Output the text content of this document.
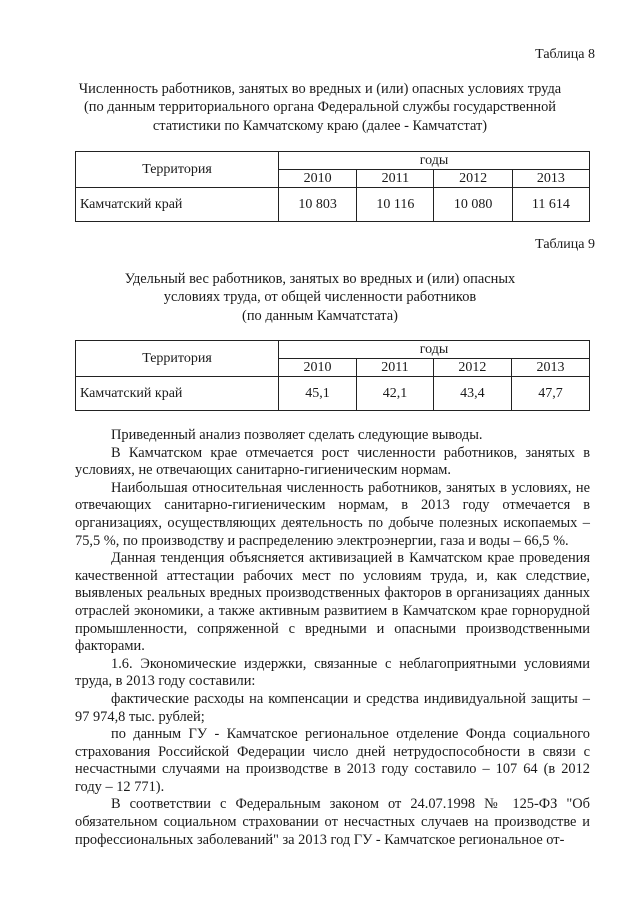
Таблица 8
Численность работников, занятых во вредных и (или) опасных условиях труда
(по данным территориального органа Федеральной службы государственной
статистики по Камчатскому краю (далее - Камчатстат)
Территория	годы			
	2010	2011	2012	2013
Камчатский край	10 803	10 116	10 080	11 614
Таблица 9
Удельный вес работников, занятых во вредных и (или) опасных
условиях труда, от общей численности работников
(по данным Камчатстата)
Территория	годы			
	2010	2011	2012	2013
Камчатский край	45,1	42,1	43,4	47,7

Приведенный анализ позволяет сделать следующие выводы.

В Камчатском крае отмечается рост численности работников, занятых в условиях, не отвечающих санитарно-гигиеническим нормам.

Наибольшая относительная численность работников, занятых в условиях, не отвечающих санитарно-гигиеническим нормам, в 2013 году отмечается в организациях, осуществляющих деятельность по добыче полезных ископаемых – 75,5 %, по производству и распределению электроэнергии, газа и воды – 66,5 %.

Данная тенденция объясняется активизацией в Камчатском крае проведения качественной аттестации рабочих мест по условиям труда, и, как следствие, выявленых реальных вредных производственных факторов в организациях данных отраслей экономики, а также активным развитием в Камчатском крае горнорудной промышленности, сопряженной с вредными и опасными производственными факторами.

1.6. Экономические издержки, связанные с неблагоприятными условиями труда, в 2013 году составили:

фактические расходы на компенсации и средства индивидуальной защиты – 97 974,8 тыс. рублей;

по данным ГУ - Камчатское региональное отделение Фонда социального страхования Российской Федерации число дней нетрудоспособности в связи с несчастными случаями на производстве в 2013 году составило – 107 64 (в 2012 году – 12 771).

В соответствии с Федеральным законом от 24.07.1998 № 125-ФЗ "Об обязательном социальном страховании от несчастных случаев на производстве и профессиональных заболеваний" за 2013 год ГУ - Камчатское региональное от-
